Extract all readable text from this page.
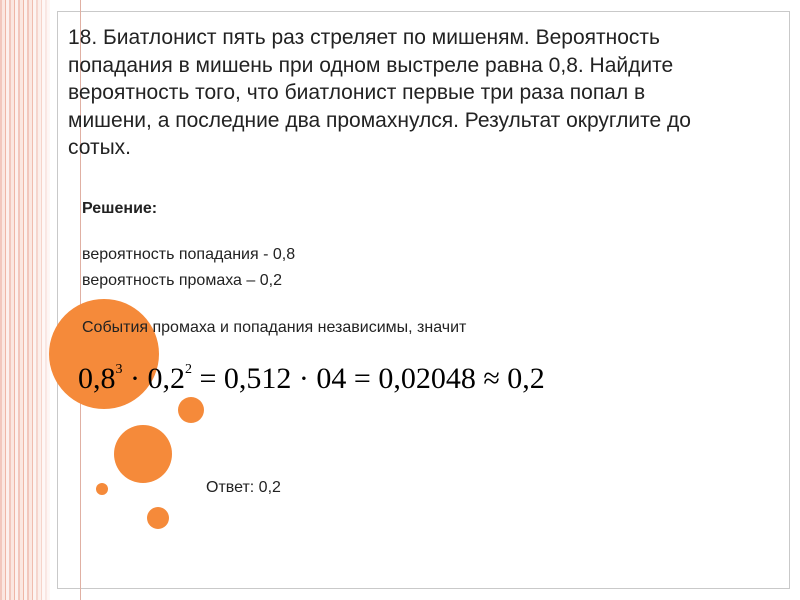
18. Биатлонист пять раз стреляет по мишеням. Вероятность попадания в мишень при одном выстреле равна 0,8. Найдите вероятность того, что биатлонист первые три раза попал в мишени, а последние два промахнулся. Результат округлите до сотых.

Решение:

вероятность попадания - 0,8

вероятность промаха – 0,2

События промаха и попадания независимы, значит

$0,8^3 \cdot 0,2^2 = 0,512 \cdot 04 = 0,02048 \approx 0,2$

Ответ: 0,2
